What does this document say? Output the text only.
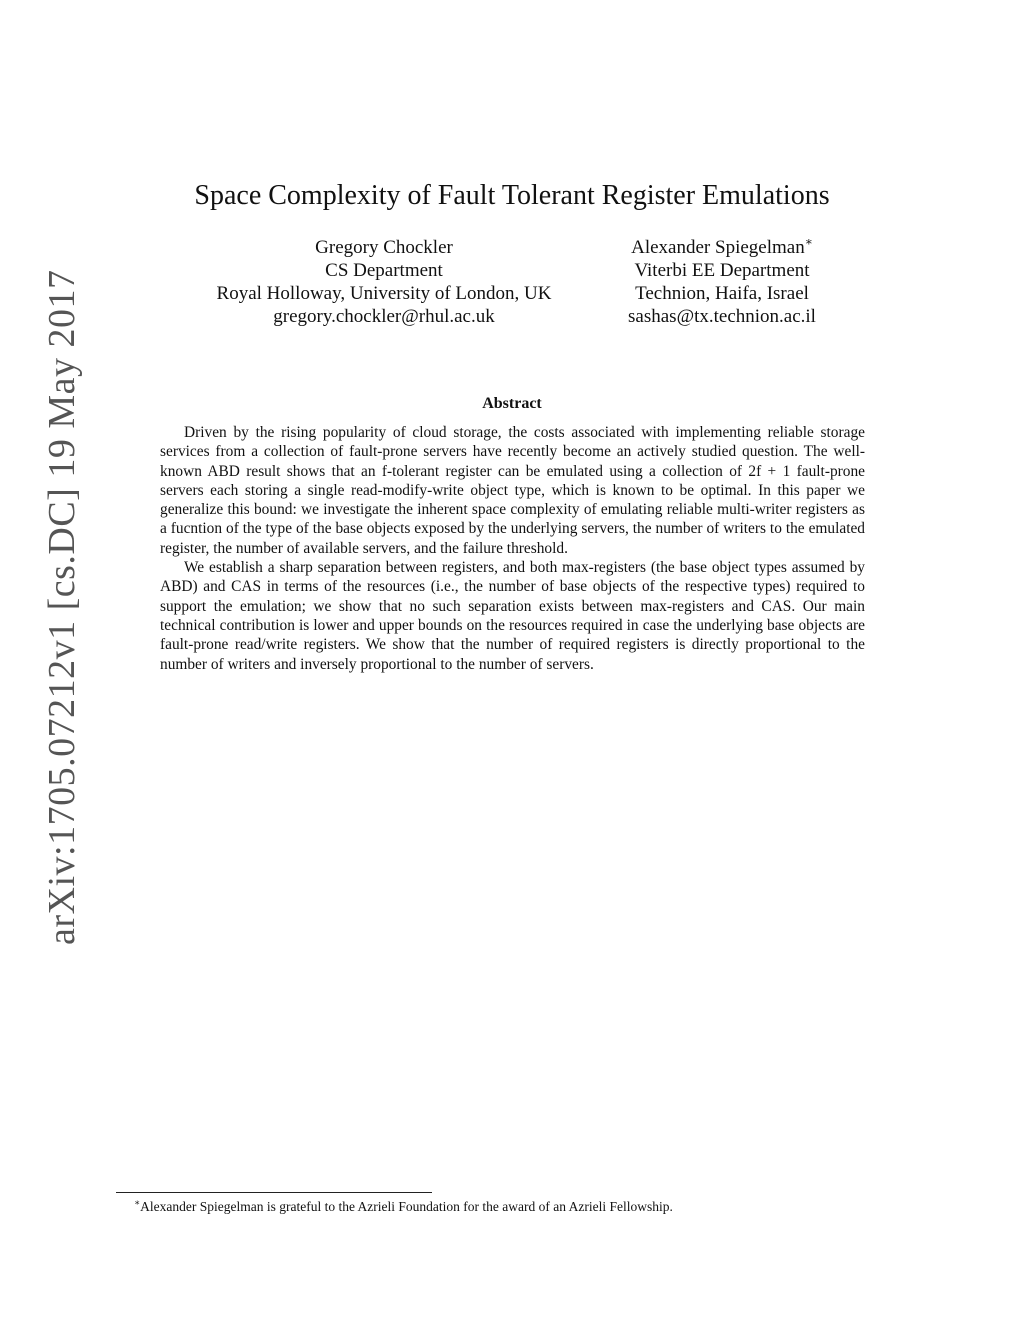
arXiv:1705.07212v1 [cs.DC] 19 May 2017
Space Complexity of Fault Tolerant Register Emulations
Gregory Chockler
CS Department
Royal Holloway, University of London, UK
gregory.chockler@rhul.ac.uk
Alexander Spiegelman∗
Viterbi EE Department
Technion, Haifa, Israel
sashas@tx.technion.ac.il
Abstract

Driven by the rising popularity of cloud storage, the costs associated with implementing reliable storage services from a collection of fault-prone servers have recently become an actively studied question. The well-known ABD result shows that an f-tolerant register can be emulated using a collection of 2f + 1 fault-prone servers each storing a single read-modify-write object type, which is known to be optimal. In this paper we generalize this bound: we investigate the inherent space complexity of emulating reliable multi-writer registers as a fucntion of the type of the base objects exposed by the underlying servers, the number of writers to the emulated register, the number of available servers, and the failure threshold.

We establish a sharp separation between registers, and both max-registers (the base object types assumed by ABD) and CAS in terms of the resources (i.e., the number of base objects of the respective types) required to support the emulation; we show that no such separation exists between max-registers and CAS. Our main technical contribution is lower and upper bounds on the resources required in case the underlying base objects are fault-prone read/write registers. We show that the number of required registers is directly proportional to the number of writers and inversely proportional to the number of servers.

∗Alexander Spiegelman is grateful to the Azrieli Foundation for the award of an Azrieli Fellowship.
